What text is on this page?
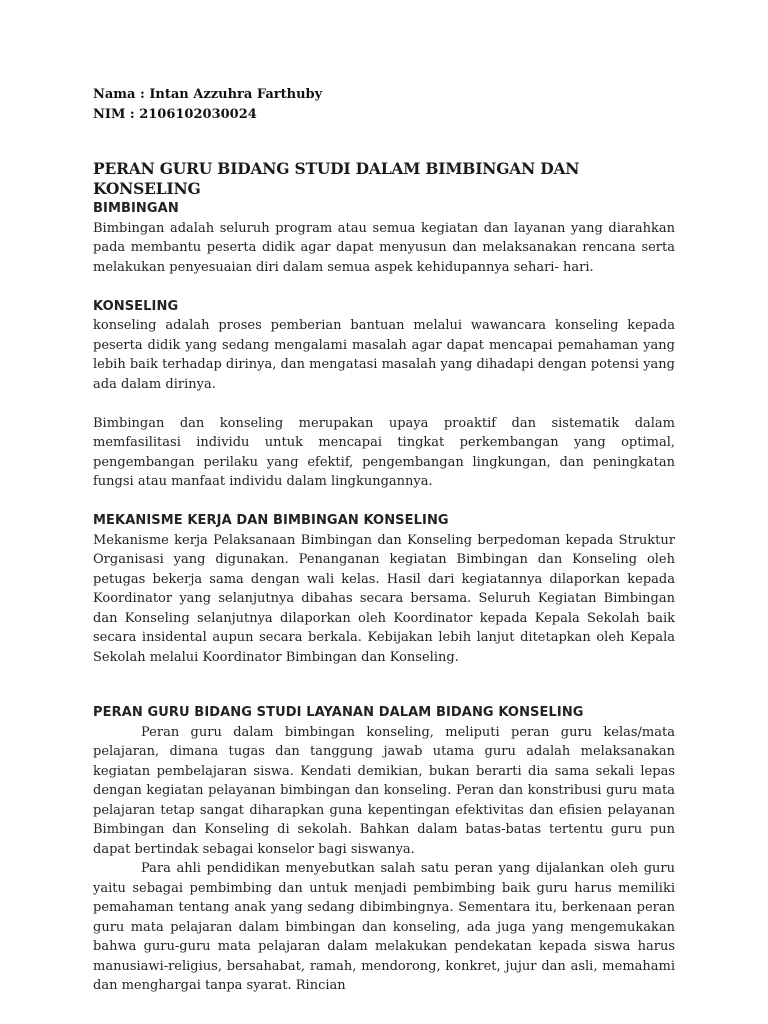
Nama : Intan Azzuhra Farthuby

NIM : 2106102030024

PERAN GURU BIDANG STUDI DALAM BIMBINGAN DAN KONSELING
BIMBINGAN

Bimbingan adalah seluruh program atau semua kegiatan dan layanan yang diarahkan pada membantu peserta didik agar dapat menyusun dan melaksanakan rencana serta melakukan penyesuaian diri dalam semua aspek kehidupannya sehari- hari.

KONSELING

konseling adalah proses pemberian bantuan melalui wawancara konseling kepada peserta didik yang sedang mengalami masalah agar dapat mencapai pemahaman yang lebih baik terhadap dirinya, dan mengatasi masalah yang dihadapi dengan potensi yang ada dalam dirinya.

Bimbingan dan konseling merupakan upaya proaktif dan sistematik dalam memfasilitasi individu untuk mencapai tingkat perkembangan yang optimal, pengembangan perilaku yang efektif, pengembangan lingkungan, dan peningkatan fungsi atau manfaat individu dalam lingkungannya.

MEKANISME KERJA DAN BIMBINGAN KONSELING

Mekanisme kerja Pelaksanaan Bimbingan dan Konseling berpedoman kepada Struktur Organisasi yang digunakan. Penanganan kegiatan Bimbingan dan Konseling oleh petugas bekerja sama dengan wali kelas. Hasil dari kegiatannya dilaporkan kepada Koordinator yang selanjutnya dibahas secara bersama. Seluruh Kegiatan Bimbingan dan Konseling selanjutnya dilaporkan oleh Koordinator kepada Kepala Sekolah baik secara insidental aupun secara berkala. Kebijakan lebih lanjut ditetapkan oleh Kepala Sekolah melalui Koordinator Bimbingan dan Konseling.

PERAN GURU BIDANG STUDI LAYANAN DALAM BIDANG KONSELING

Peran guru dalam bimbingan konseling, meliputi peran guru kelas/mata pelajaran, dimana tugas dan tanggung jawab utama guru adalah melaksanakan kegiatan pembelajaran siswa. Kendati demikian, bukan berarti dia sama sekali lepas dengan kegiatan pelayanan bimbingan dan konseling. Peran dan konstribusi guru mata pelajaran tetap sangat diharapkan guna kepentingan efektivitas dan efisien pelayanan Bimbingan dan Konseling di sekolah. Bahkan dalam batas-batas tertentu guru pun dapat bertindak sebagai konselor bagi siswanya.

Para ahli pendidikan menyebutkan salah satu peran yang dijalankan oleh guru yaitu sebagai pembimbing dan untuk menjadi pembimbing baik guru harus memiliki pemahaman tentang anak yang sedang dibimbingnya. Sementara itu, berkenaan peran guru mata pelajaran dalam bimbingan dan konseling, ada juga yang mengemukakan bahwa guru-guru mata pelajaran dalam melakukan pendekatan kepada siswa harus manusiawi-religius, bersahabat, ramah, mendorong, konkret, jujur dan asli, memahami dan menghargai tanpa syarat. Rincian
